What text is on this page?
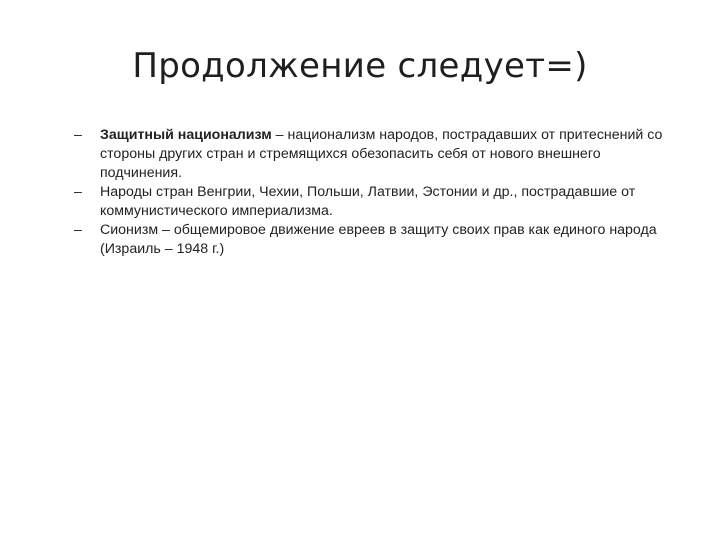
Продолжение следует=)
– Защитный национализм – национализм народов, пострадавших от притеснений со стороны других стран и стремящихся обезопасить себя от нового внешнего подчинения.
– Народы стран Венгрии, Чехии, Польши, Латвии, Эстонии и др., пострадавшие от коммунистического империализма.
– Сионизм – общемировое движение евреев в защиту своих прав как единого народа (Израиль – 1948 г.)
